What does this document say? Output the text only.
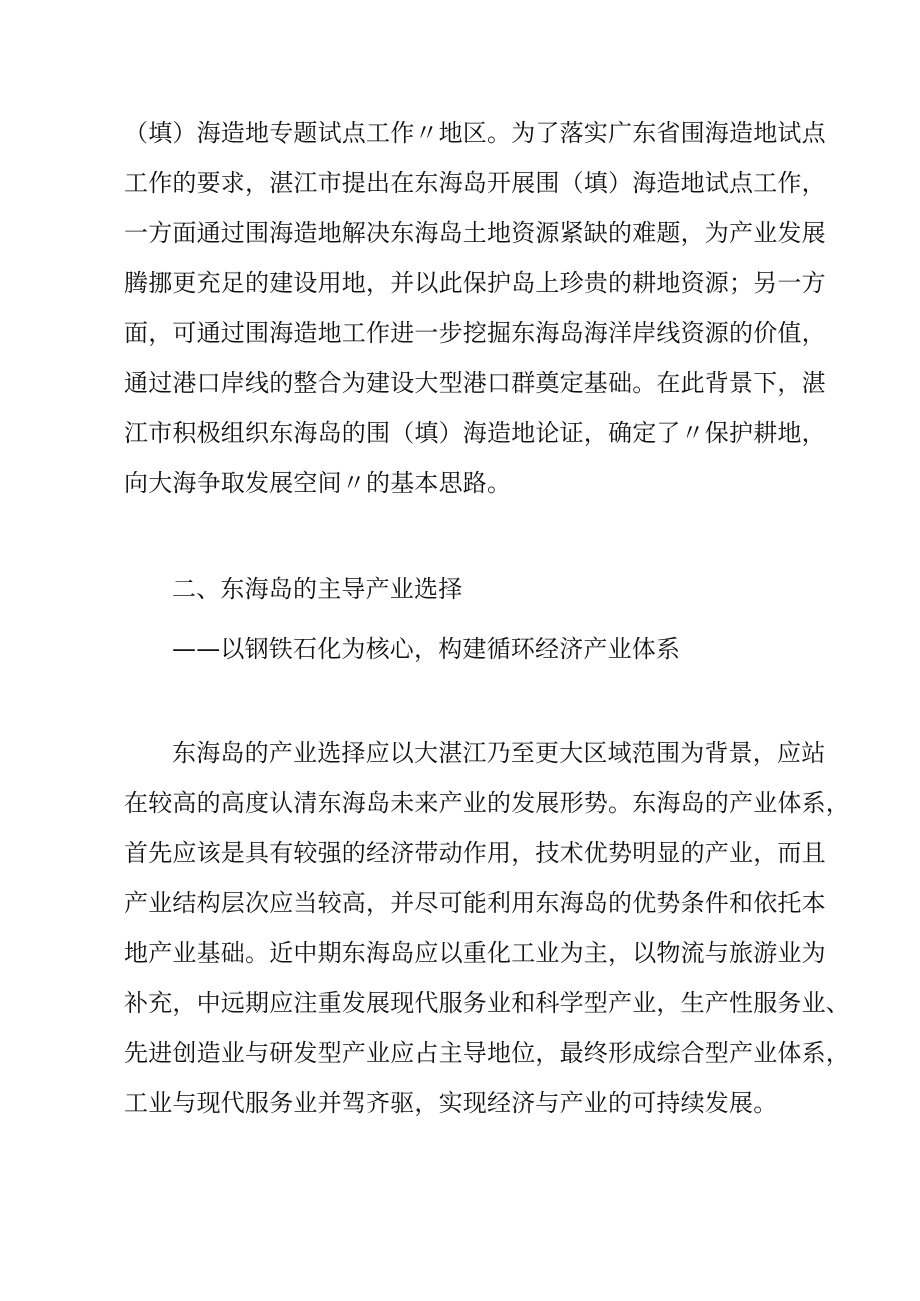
（填）海造地专题试点工作〃地区。为了落实广东省围海造地试点
工作的要求，湛江市提出在东海岛开展围（填）海造地试点工作，
一方面通过围海造地解决东海岛土地资源紧缺的难题，为产业发展
腾挪更充足的建设用地，并以此保护岛上珍贵的耕地资源；另一方
面，可通过围海造地工作进一步挖掘东海岛海洋岸线资源的价值，
通过港口岸线的整合为建设大型港口群奠定基础。在此背景下，湛
江市积极组织东海岛的围（填）海造地论证，确定了〃保护耕地，
向大海争取发展空间〃的基本思路。
二、东海岛的主导产业选择
——以钢铁石化为核心，构建循环经济产业体系
东海岛的产业选择应以大湛江乃至更大区域范围为背景，应站
在较高的高度认清东海岛未来产业的发展形势。东海岛的产业体系，
首先应该是具有较强的经济带动作用，技术优势明显的产业，而且
产业结构层次应当较高，并尽可能利用东海岛的优势条件和依托本
地产业基础。近中期东海岛应以重化工业为主，以物流与旅游业为
补充，中远期应注重发展现代服务业和科学型产业，生产性服务业、
先进创造业与研发型产业应占主导地位，最终形成综合型产业体系，
工业与现代服务业并驾齐驱，实现经济与产业的可持续发展。
